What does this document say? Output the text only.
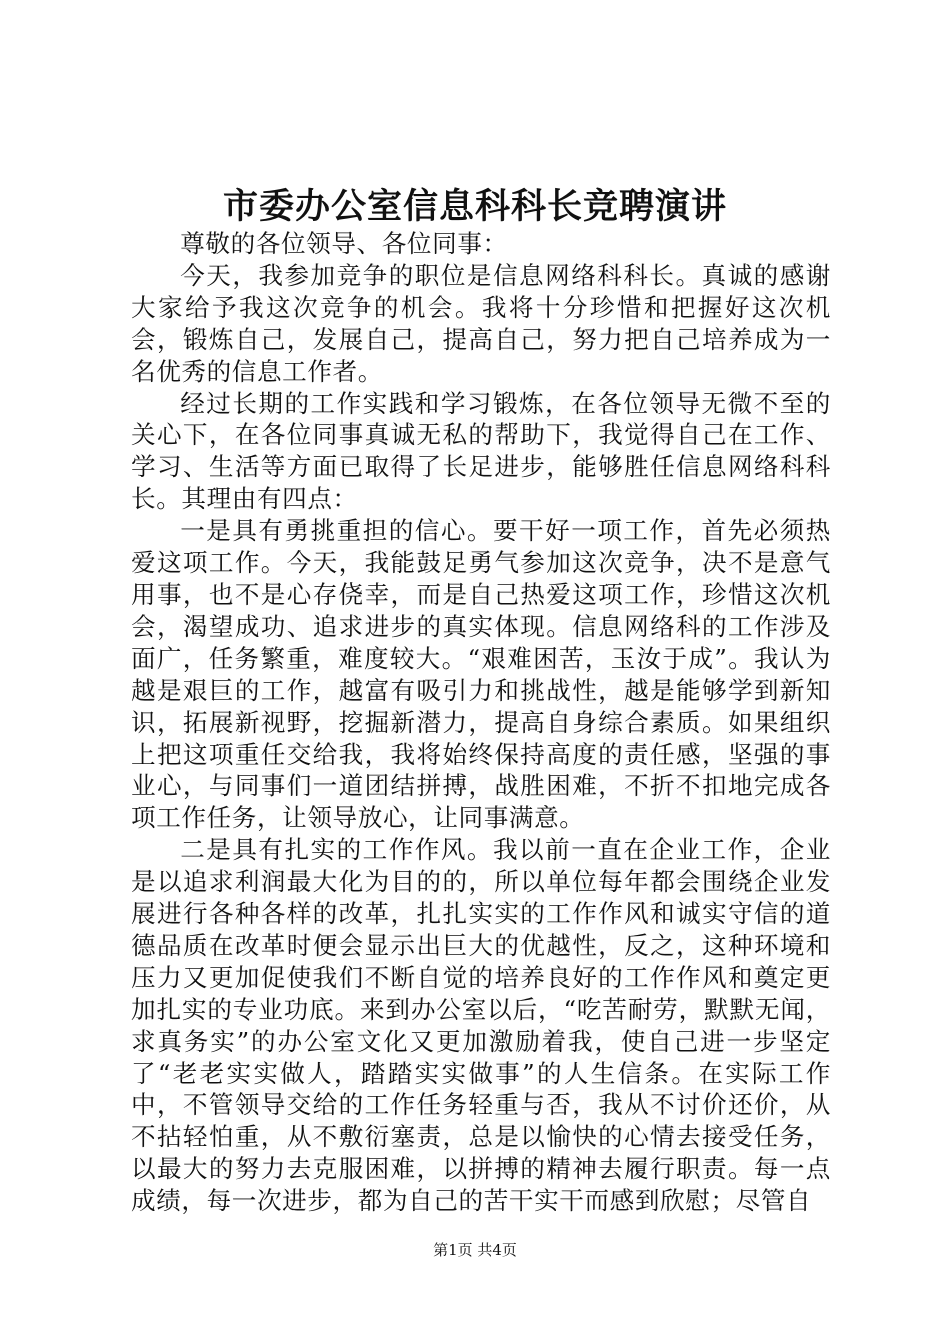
市委办公室信息科科长竞聘演讲

尊敬的各位领导、各位同事：

今天，我参加竞争的职位是信息网络科科长。真诚的感谢大家给予我这次竞争的机会。我将十分珍惜和把握好这次机会，锻炼自己，发展自己，提高自己，努力把自己培养成为一名优秀的信息工作者。

经过长期的工作实践和学习锻炼，在各位领导无微不至的关心下，在各位同事真诚无私的帮助下，我觉得自己在工作、学习、生活等方面已取得了长足进步，能够胜任信息网络科科长。其理由有四点：

一是具有勇挑重担的信心。要干好一项工作，首先必须热爱这项工作。今天，我能鼓足勇气参加这次竞争，决不是意气用事，也不是心存侥幸，而是自己热爱这项工作，珍惜这次机会，渴望成功、追求进步的真实体现。信息网络科的工作涉及面广，任务繁重，难度较大。“艰难困苦，玉汝于成”。我认为越是艰巨的工作，越富有吸引力和挑战性，越是能够学到新知识，拓展新视野，挖掘新潜力，提高自身综合素质。如果组织上把这项重任交给我，我将始终保持高度的责任感，坚强的事业心，与同事们一道团结拼搏，战胜困难，不折不扣地完成各项工作任务，让领导放心，让同事满意。

二是具有扎实的工作作风。我以前一直在企业工作，企业是以追求利润最大化为目的的，所以单位每年都会围绕企业发展进行各种各样的改革，扎扎实实的工作作风和诚实守信的道德品质在改革时便会显示出巨大的优越性，反之，这种环境和压力又更加促使我们不断自觉的培养良好的工作作风和奠定更加扎实的专业功底。来到办公室以后，“吃苦耐劳，默默无闻，求真务实”的办公室文化又更加激励着我，使自己进一步坚定了“老老实实做人，踏踏实实做事”的人生信条。在实际工作中，不管领导交给的工作任务轻重与否，我从不讨价还价，从不拈轻怕重，从不敷衍塞责，总是以愉快的心情去接受任务，以最大的努力去克服困难，以拼搏的精神去履行职责。每一点成绩，每一次进步，都为自己的苦干实干而感到欣慰；尽管自

第1页 共4页
